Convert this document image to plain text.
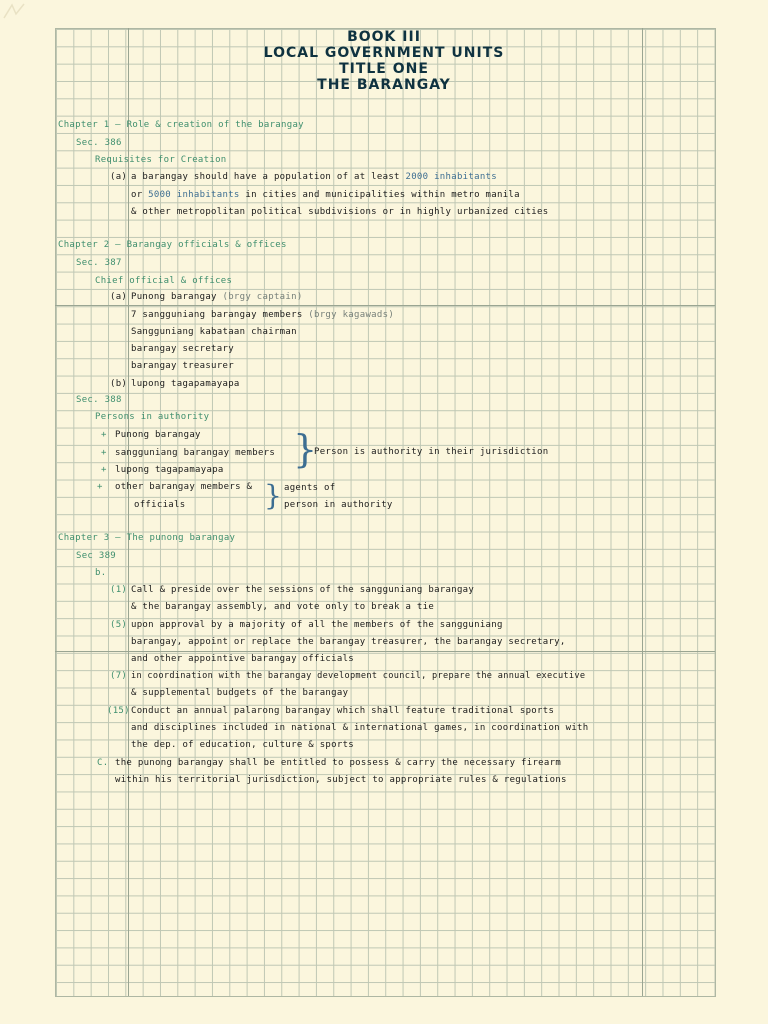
BOOK III
LOCAL GOVERNMENT UNITS
TITLE ONE
THE BARANGAY
Chapter 1 — Role & creation of the barangay
Sec. 386
Requisites for Creation
(a) a barangay should have a population of at least 2000 inhabitants
or 5000 inhabitants in cities and municipalities within metro manila
& other metropolitan political subdivisions or in highly urbanized cities
Chapter 2 — Barangay officials & offices
Sec. 387
Chief official & offices
(a) Punong barangay (brgy captain)
7 sangguniang barangay members (brgy kagawads)
Sangguniang kabataan chairman
barangay secretary
barangay treasurer
(b) lupong tagapamayapa
Sec. 388
Persons in authority
+ Punong barangay
+ sangguniang barangay members
+ lupong tagapamayapa
+ other barangay members &
officials
}
Person is authority in their jurisdiction
} agents of
person in authority
Chapter 3 — The punong barangay
Sec 389
b.
(1) Call & preside over the sessions of the sangguniang barangay
& the barangay assembly, and vote only to break a tie
(5) upon approval by a majority of all the members of the sangguniang
barangay, appoint or replace the barangay treasurer, the barangay secretary,
and other appointive barangay officials
(7) in coordination with the barangay development council, prepare the annual executive
& supplemental budgets of the barangay
(15) Conduct an annual palarong barangay which shall feature traditional sports
and disciplines included in national & international games, in coordination with
the dep. of education, culture & sports
C. the punong barangay shall be entitled to possess & carry the necessary firearm
within his territorial jurisdiction, subject to appropriate rules & regulations
